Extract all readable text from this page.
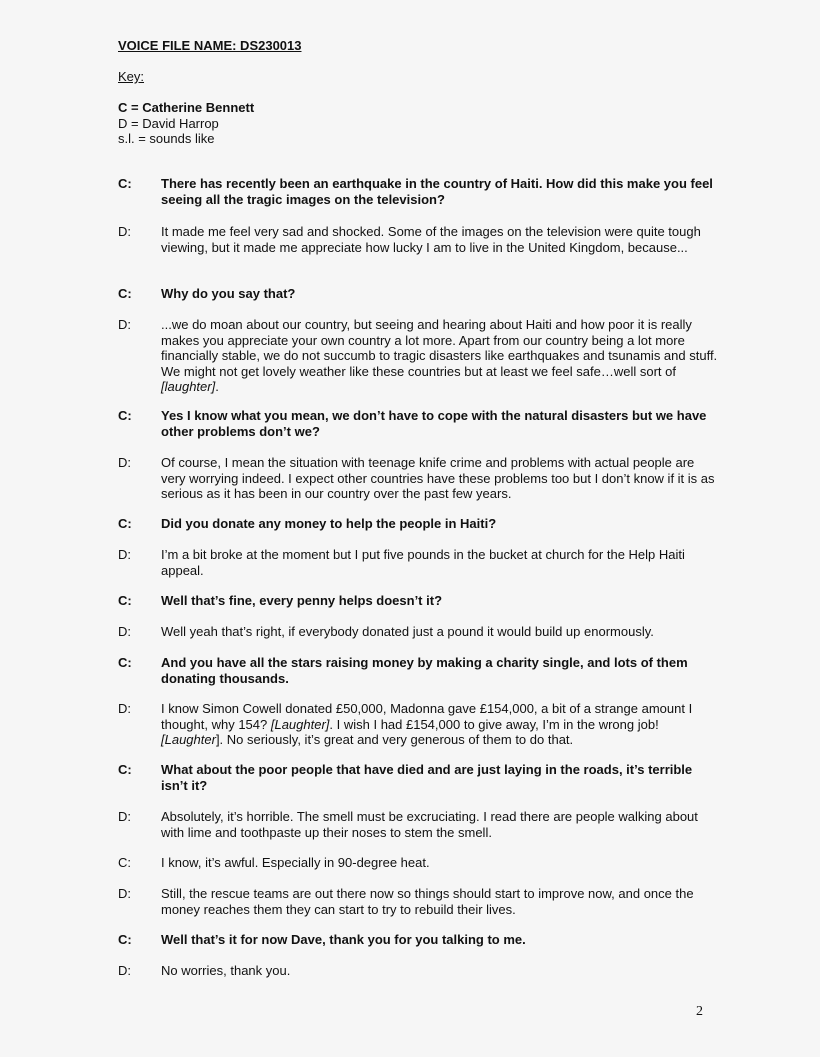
VOICE FILE NAME: DS230013
Key:
C = Catherine Bennett
D = David Harrop
s.l. = sounds like
C:	There has recently been an earthquake in the country of Haiti. How did this make you feel seeing all the tragic images on the television?
D:	It made me feel very sad and shocked. Some of the images on the television were quite tough viewing, but it made me appreciate how lucky I am to live in the United Kingdom, because...
C:	Why do you say that?
D:	...we do moan about our country, but seeing and hearing about Haiti and how poor it is really makes you appreciate your own country a lot more. Apart from our country being a lot more financially stable, we do not succumb to tragic disasters like earthquakes and tsunamis and stuff. We might not get lovely weather like these countries but at least we feel safe…well sort of [laughter].
C:	Yes I know what you mean, we don’t have to cope with the natural disasters but we have other problems don’t we?
D:	Of course, I mean the situation with teenage knife crime and problems with actual people are very worrying indeed. I expect other countries have these problems too but I don’t know if it is as serious as it has been in our country over the past few years.
C:	Did you donate any money to help the people in Haiti?
D:	I’m a bit broke at the moment but I put five pounds in the bucket at church for the Help Haiti appeal.
C:	Well that’s fine, every penny helps doesn’t it?
D:	Well yeah that’s right, if everybody donated just a pound it would build up enormously.
C:	And you have all the stars raising money by making a charity single, and lots of them donating thousands.
D:	I know Simon Cowell donated £50,000, Madonna gave £154,000, a bit of a strange amount I thought, why 154? [Laughter]. I wish I had £154,000 to give away, I’m in the wrong job! [Laughter]. No seriously, it’s great and very generous of them to do that.
C:	What about the poor people that have died and are just laying in the roads, it’s terrible isn’t it?
D:	Absolutely, it’s horrible. The smell must be excruciating. I read there are people walking about with lime and toothpaste up their noses to stem the smell.
C:	I know, it’s awful. Especially in 90-degree heat.
D:	Still, the rescue teams are out there now so things should start to improve now, and once the money reaches them they can start to try to rebuild their lives.
C:	Well that’s it for now Dave, thank you for you talking to me.
D:	No worries, thank you.
2
